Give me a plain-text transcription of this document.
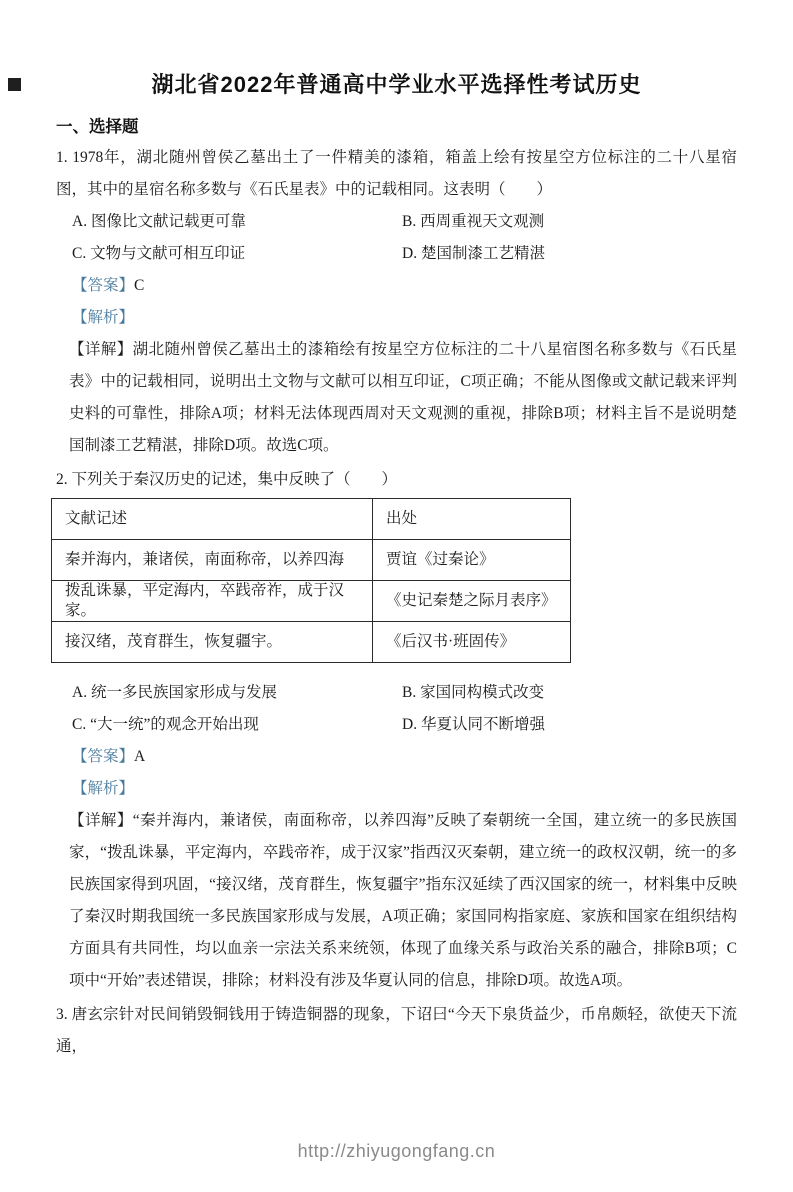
湖北省2022年普通高中学业水平选择性考试历史
一、选择题
1. 1978年，湖北随州曾侯乙墓出土了一件精美的漆箱，箱盖上绘有按星空方位标注的二十八星宿图，其中的星宿名称多数与《石氏星表》中的记载相同。这表明（　　）
A. 图像比文献记载更可靠	B. 西周重视天文观测
C. 文物与文献可相互印证	D. 楚国制漆工艺精湛
【答案】C
【解析】
【详解】湖北随州曾侯乙墓出土的漆箱绘有按星空方位标注的二十八星宿图名称多数与《石氏星表》中的记载相同，说明出土文物与文献可以相互印证，C项正确；不能从图像或文献记载来评判史料的可靠性，排除A项；材料无法体现西周对天文观测的重视，排除B项；材料主旨不是说明楚国制漆工艺精湛，排除D项。故选C项。
2. 下列关于秦汉历史的记述，集中反映了（　　）
文献记述	出处
秦并海内，兼诸侯，南面称帝，以养四海	贾谊《过秦论》
拨乱诛暴，平定海内，卒践帝祚，成于汉家。	《史记秦楚之际月表序》
接汉绪，茂育群生，恢复疆宇。	《后汉书·班固传》
A. 统一多民族国家形成与发展	B. 家国同构模式改变
C. “大一统”的观念开始出现	D. 华夏认同不断增强
【答案】A
【解析】
【详解】“秦并海内，兼诸侯，南面称帝，以养四海”反映了秦朝统一全国，建立统一的多民族国家，“拨乱诛暴，平定海内，卒践帝祚，成于汉家”指西汉灭秦朝，建立统一的政权汉朝，统一的多民族国家得到巩固，“接汉绪，茂育群生，恢复疆宇”指东汉延续了西汉国家的统一，材料集中反映了秦汉时期我国统一多民族国家形成与发展，A项正确；家国同构指家庭、家族和国家在组织结构方面具有共同性，均以血亲一宗法关系来统领，体现了血缘关系与政治关系的融合，排除B项；C项中“开始”表述错误，排除；材料没有涉及华夏认同的信息，排除D项。故选A项。
3. 唐玄宗针对民间销毁铜钱用于铸造铜器的现象，下诏曰“今天下泉货益少，币帛颇轻，欲使天下流通，
http://zhiyugongfang.cn
